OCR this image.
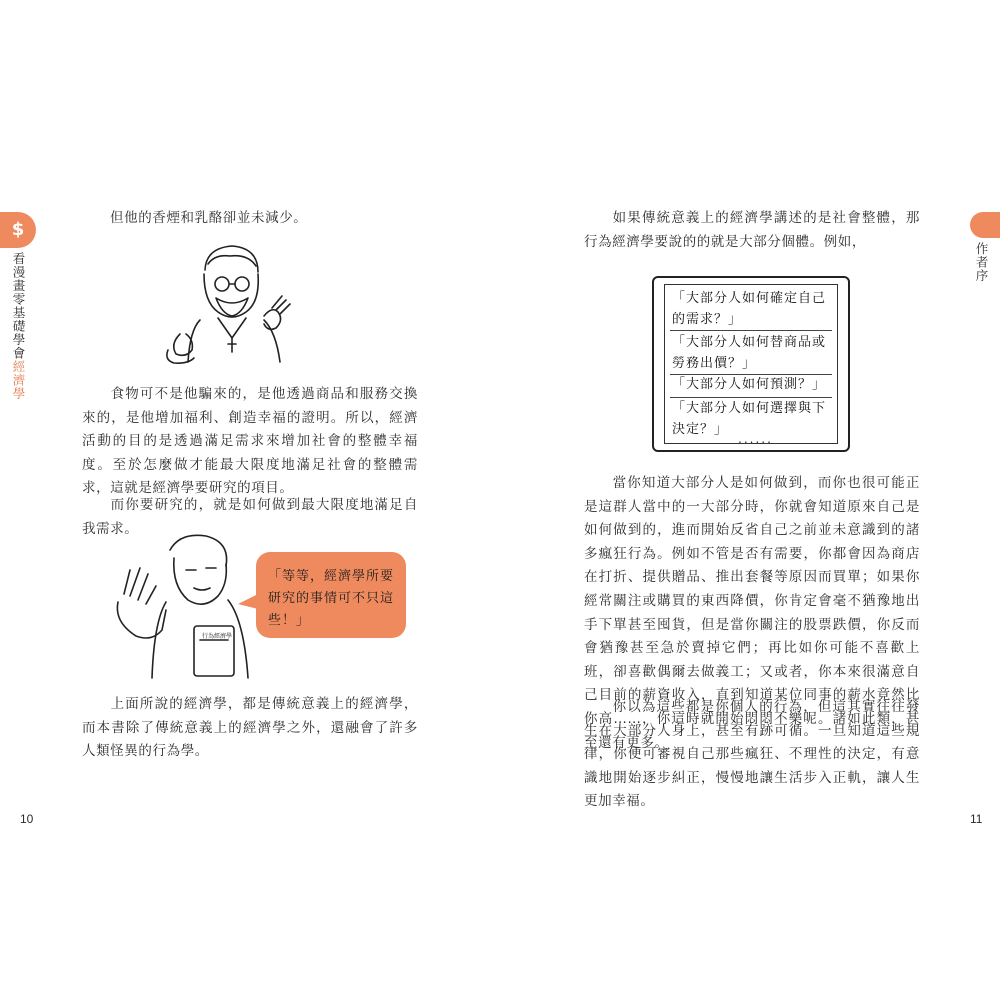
$
看漫畫零基礎學會經濟學

但他的香煙和乳酪卻並未減少。

食物可不是他騙來的，是他透過商品和服務交換來的，是他增加福利、創造幸福的證明。所以，經濟活動的目的是透過滿足需求來增加社會的整體幸福度。至於怎麼做才能最大限度地滿足社會的整體需求，這就是經濟學要研究的項目。

而你要研究的，就是如何做到最大限度地滿足自我需求。

行為經濟學
「等等，經濟學所要研究的事情可不只這些！」

上面所說的經濟學，都是傳統意義上的經濟學，而本書除了傳統意義上的經濟學之外，還融會了許多人類怪異的行為學。

10
作者序

如果傳統意義上的經濟學講述的是社會整體，那行為經濟學要說的的就是大部分個體。例如，

「大部分人如何確定自己的需求？」
「大部分人如何替商品或勞務出價？」
「大部分人如何預測？」
「大部分人如何選擇與下決定？」
......

當你知道大部分人是如何做到，而你也很可能正是這群人當中的一大部分時，你就會知道原來自己是如何做到的，進而開始反省自己之前並未意識到的諸多瘋狂行為。例如不管是否有需要，你都會因為商店在打折、提供贈品、推出套餐等原因而買單；如果你經常關注或購買的東西降價，你肯定會毫不猶豫地出手下單甚至囤貨，但是當你關注的股票跌價，你反而會猶豫甚至急於賣掉它們；再比如你可能不喜歡上班，卻喜歡偶爾去做義工；又或者，你本來很滿意自己目前的薪資收入，直到知道某位同事的薪水竟然比你高……，你這時就開始悶悶不樂呢。諸如此類，甚至還有更多。

你以為這些都是你個人的行為，但這其實往往發生在大部分人身上，甚至有跡可循。一旦知道這些規律，你便可審視自己那些瘋狂、不理性的決定，有意識地開始逐步糾正，慢慢地讓生活步入正軌，讓人生更加幸福。

11
